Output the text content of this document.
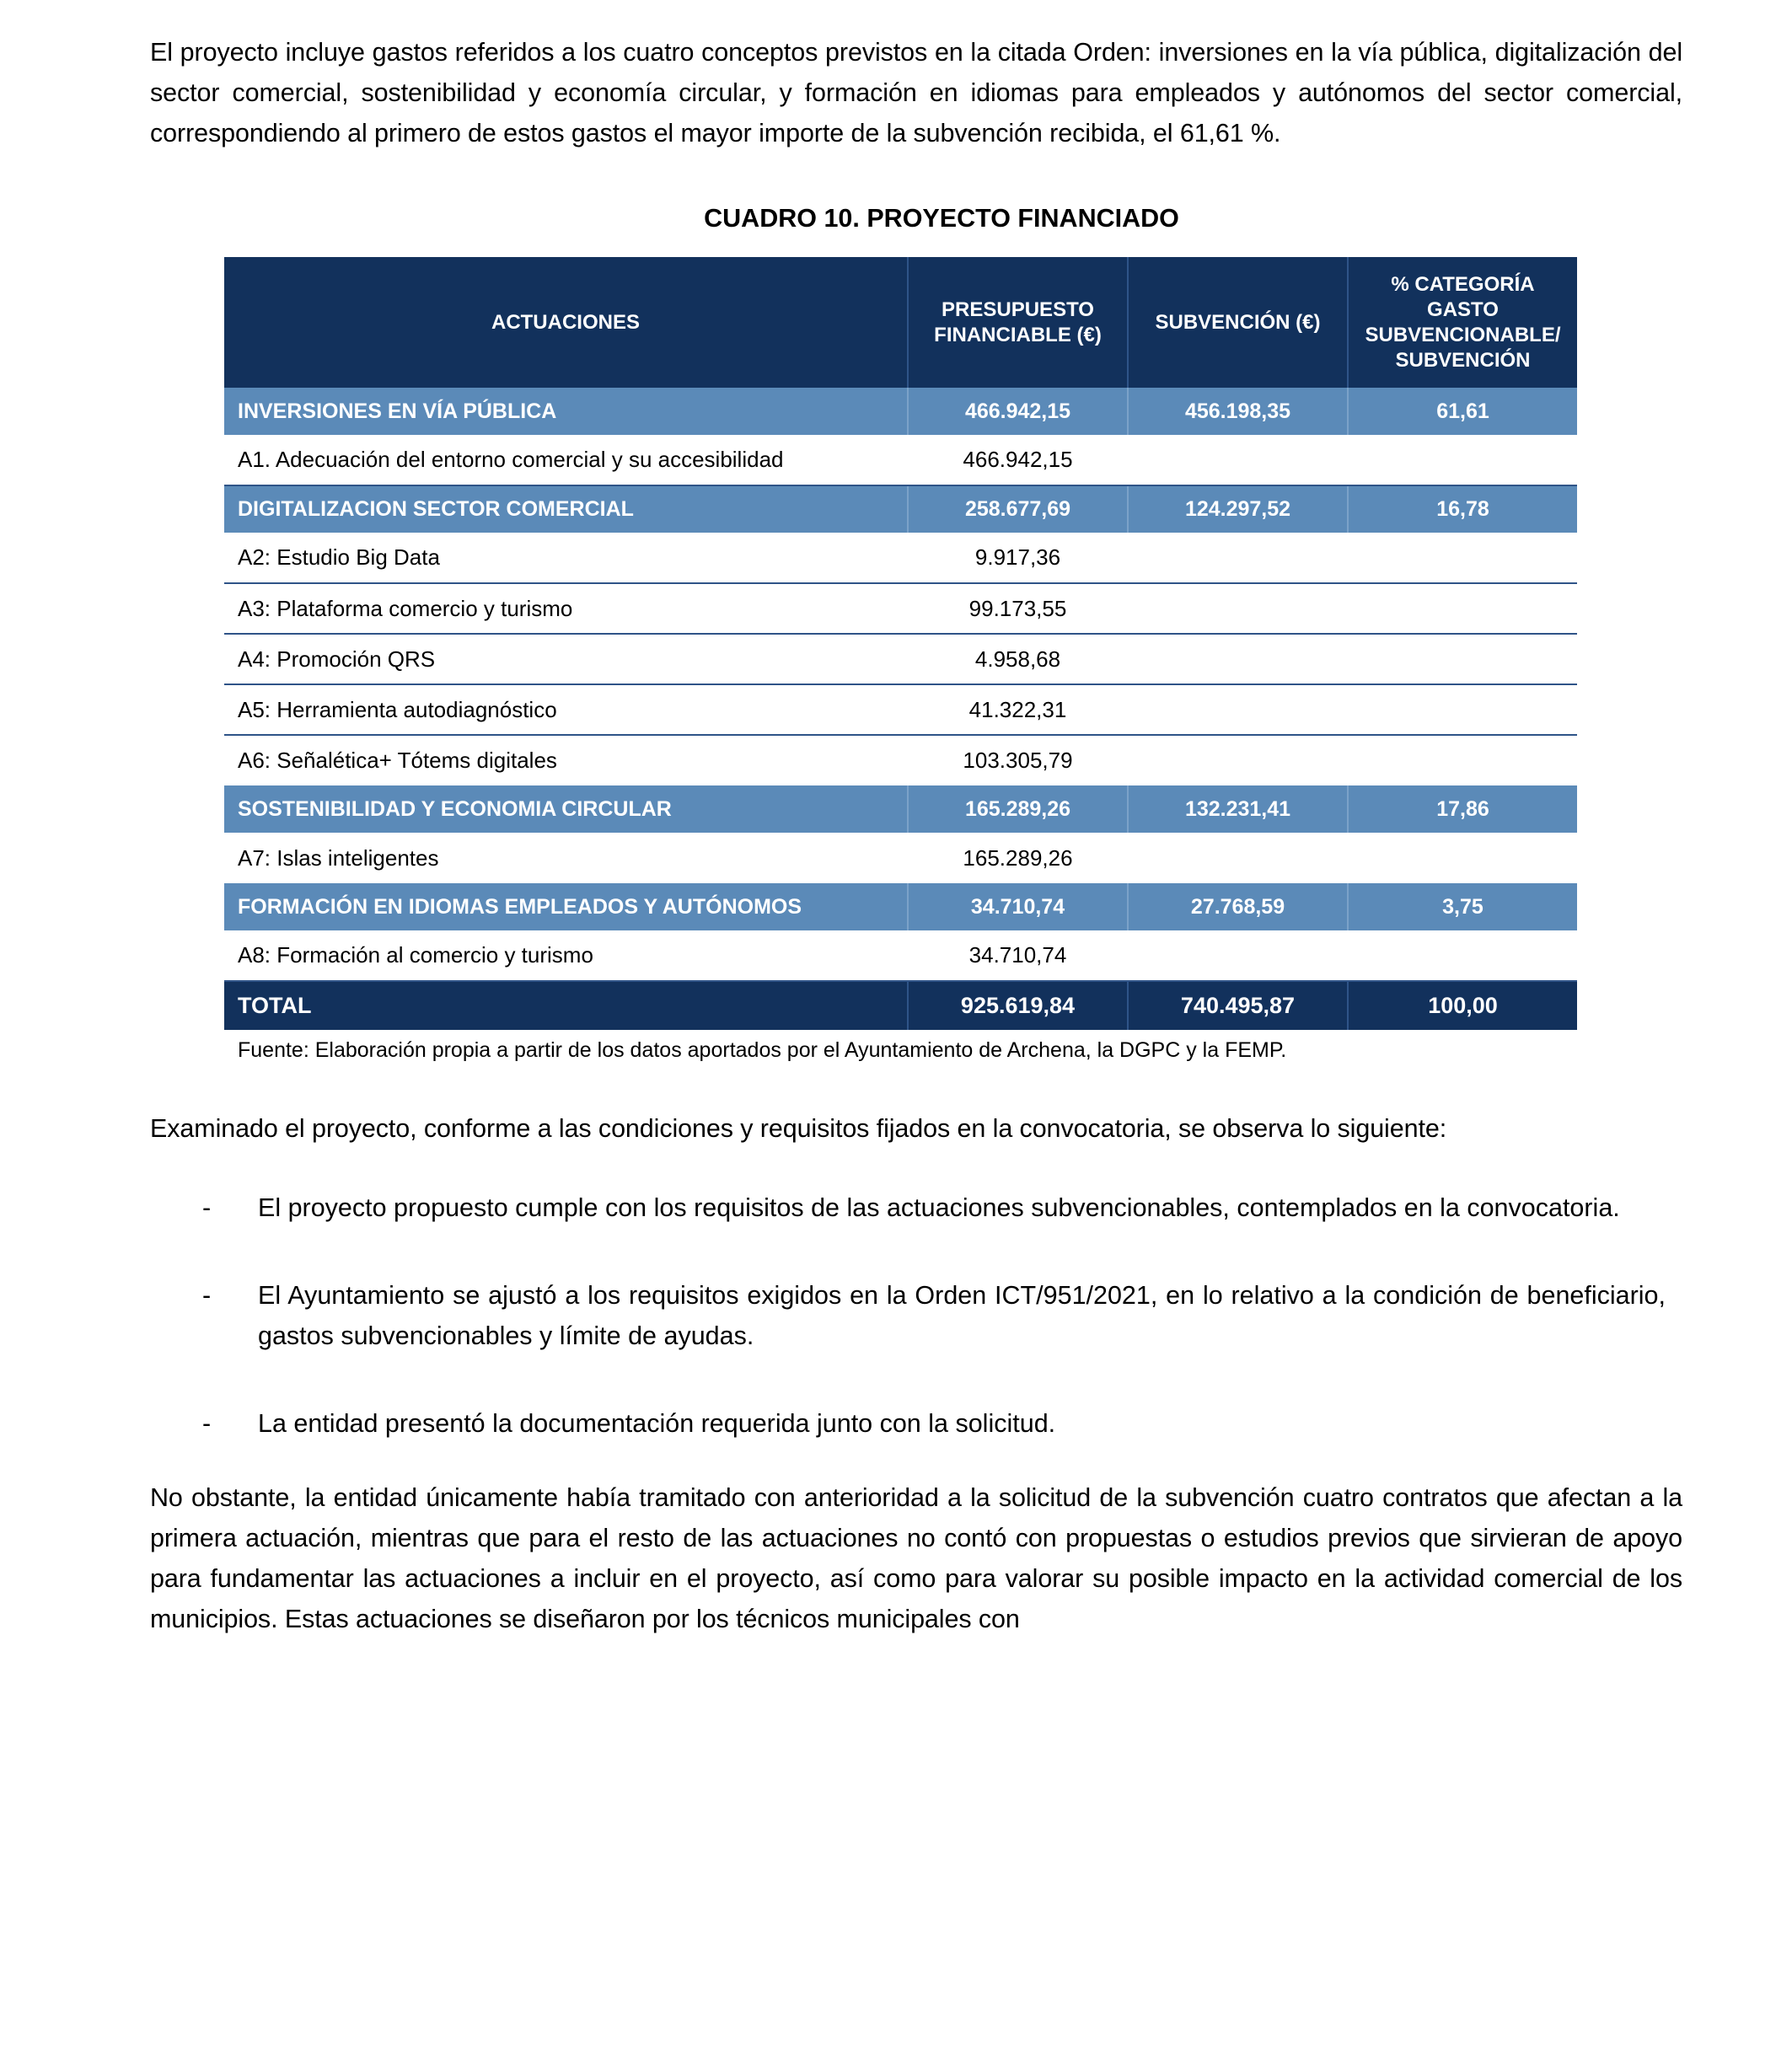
El proyecto incluye gastos referidos a los cuatro conceptos previstos en la citada Orden: inversiones en la vía pública, digitalización del sector comercial, sostenibilidad y economía circular, y formación en idiomas para empleados y autónomos del sector comercial, correspondiendo al primero de estos gastos el mayor importe de la subvención recibida, el 61,61 %.

CUADRO 10. PROYECTO FINANCIADO

ACTUACIONES	PRESUPUESTO FINANCIABLE (€)	SUBVENCIÓN (€)	% CATEGORÍA GASTO SUBVENCIONABLE/ SUBVENCIÓN
INVERSIONES EN VÍA PÚBLICA	466.942,15	456.198,35	61,61
A1. Adecuación del entorno comercial y su accesibilidad	466.942,15		
DIGITALIZACION SECTOR COMERCIAL	258.677,69	124.297,52	16,78
A2: Estudio Big Data	9.917,36		
A3: Plataforma comercio y turismo	99.173,55		
A4: Promoción QRS	4.958,68		
A5: Herramienta autodiagnóstico	41.322,31		
A6: Señalética+ Tótems digitales	103.305,79		
SOSTENIBILIDAD Y ECONOMIA CIRCULAR	165.289,26	132.231,41	17,86
A7: Islas inteligentes	165.289,26		
FORMACIÓN EN IDIOMAS EMPLEADOS Y AUTÓNOMOS	34.710,74	27.768,59	3,75
A8: Formación al comercio y turismo	34.710,74		
TOTAL	925.619,84	740.495,87	100,00

Fuente: Elaboración propia a partir de los datos aportados por el Ayuntamiento de Archena, la DGPC y la FEMP.

Examinado el proyecto, conforme a las condiciones y requisitos fijados en la convocatoria, se observa lo siguiente:

- El proyecto propuesto cumple con los requisitos de las actuaciones subvencionables, contemplados en la convocatoria.
- El Ayuntamiento se ajustó a los requisitos exigidos en la Orden ICT/951/2021, en lo relativo a la condición de beneficiario, gastos subvencionables y límite de ayudas.
- La entidad presentó la documentación requerida junto con la solicitud.

No obstante, la entidad únicamente había tramitado con anterioridad a la solicitud de la subvención cuatro contratos que afectan a la primera actuación, mientras que para el resto de las actuaciones no contó con propuestas o estudios previos que sirvieran de apoyo para fundamentar las actuaciones a incluir en el proyecto, así como para valorar su posible impacto en la actividad comercial de los municipios. Estas actuaciones se diseñaron por los técnicos municipales con
